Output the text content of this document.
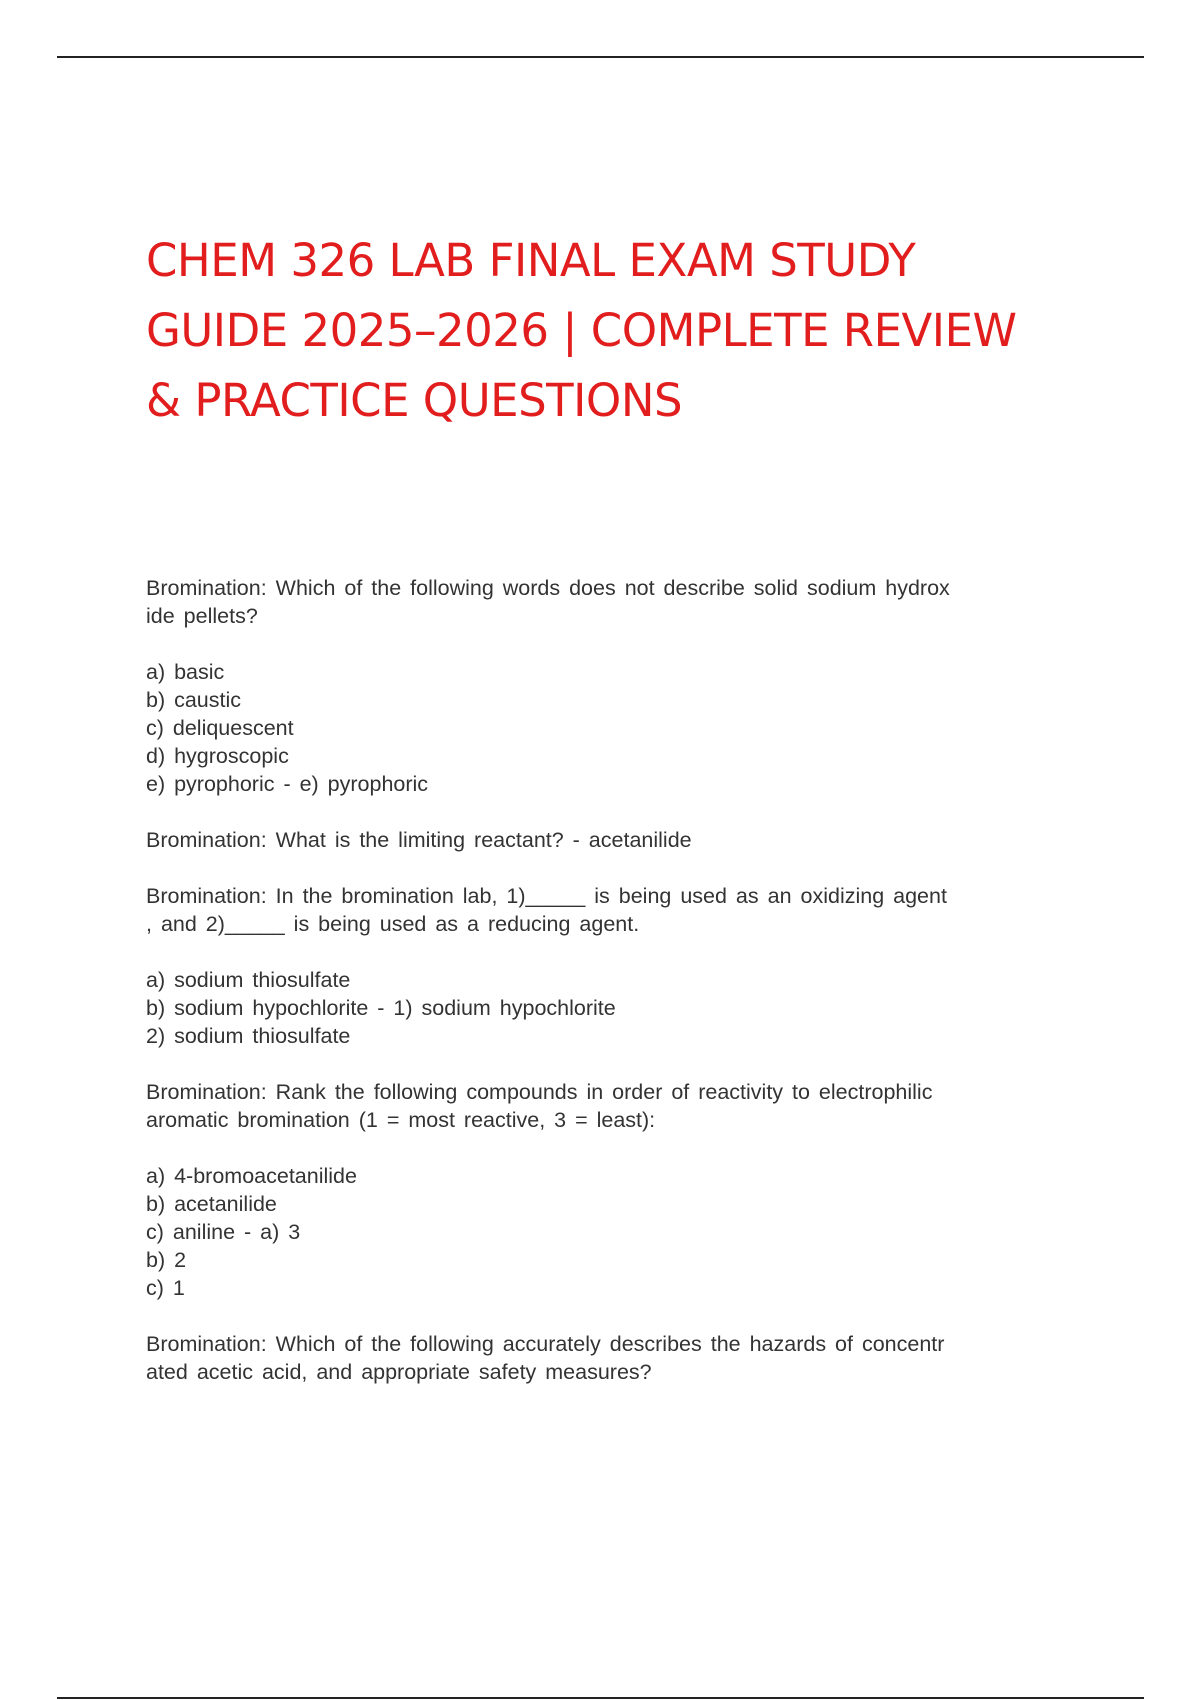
CHEM 326 LAB FINAL EXAM STUDY
GUIDE 2025–2026 | COMPLETE REVIEW
& PRACTICE QUESTIONS

Bromination: Which of the following words does not describe solid sodium hydrox
ide pellets?

a) basic
b) caustic
c) deliquescent
d) hygroscopic
e) pyrophoric - e) pyrophoric

Bromination: What is the limiting reactant? - acetanilide

Bromination: In the bromination lab, 1)_____ is being used as an oxidizing agent
, and 2)_____ is being used as a reducing agent.

a) sodium thiosulfate
b) sodium hypochlorite - 1) sodium hypochlorite
2) sodium thiosulfate

Bromination: Rank the following compounds in order of reactivity to electrophilic
aromatic bromination (1 = most reactive, 3 = least):

a) 4-bromoacetanilide
b) acetanilide
c) aniline - a) 3
b) 2
c) 1

Bromination: Which of the following accurately describes the hazards of concentr
ated acetic acid, and appropriate safety measures?
